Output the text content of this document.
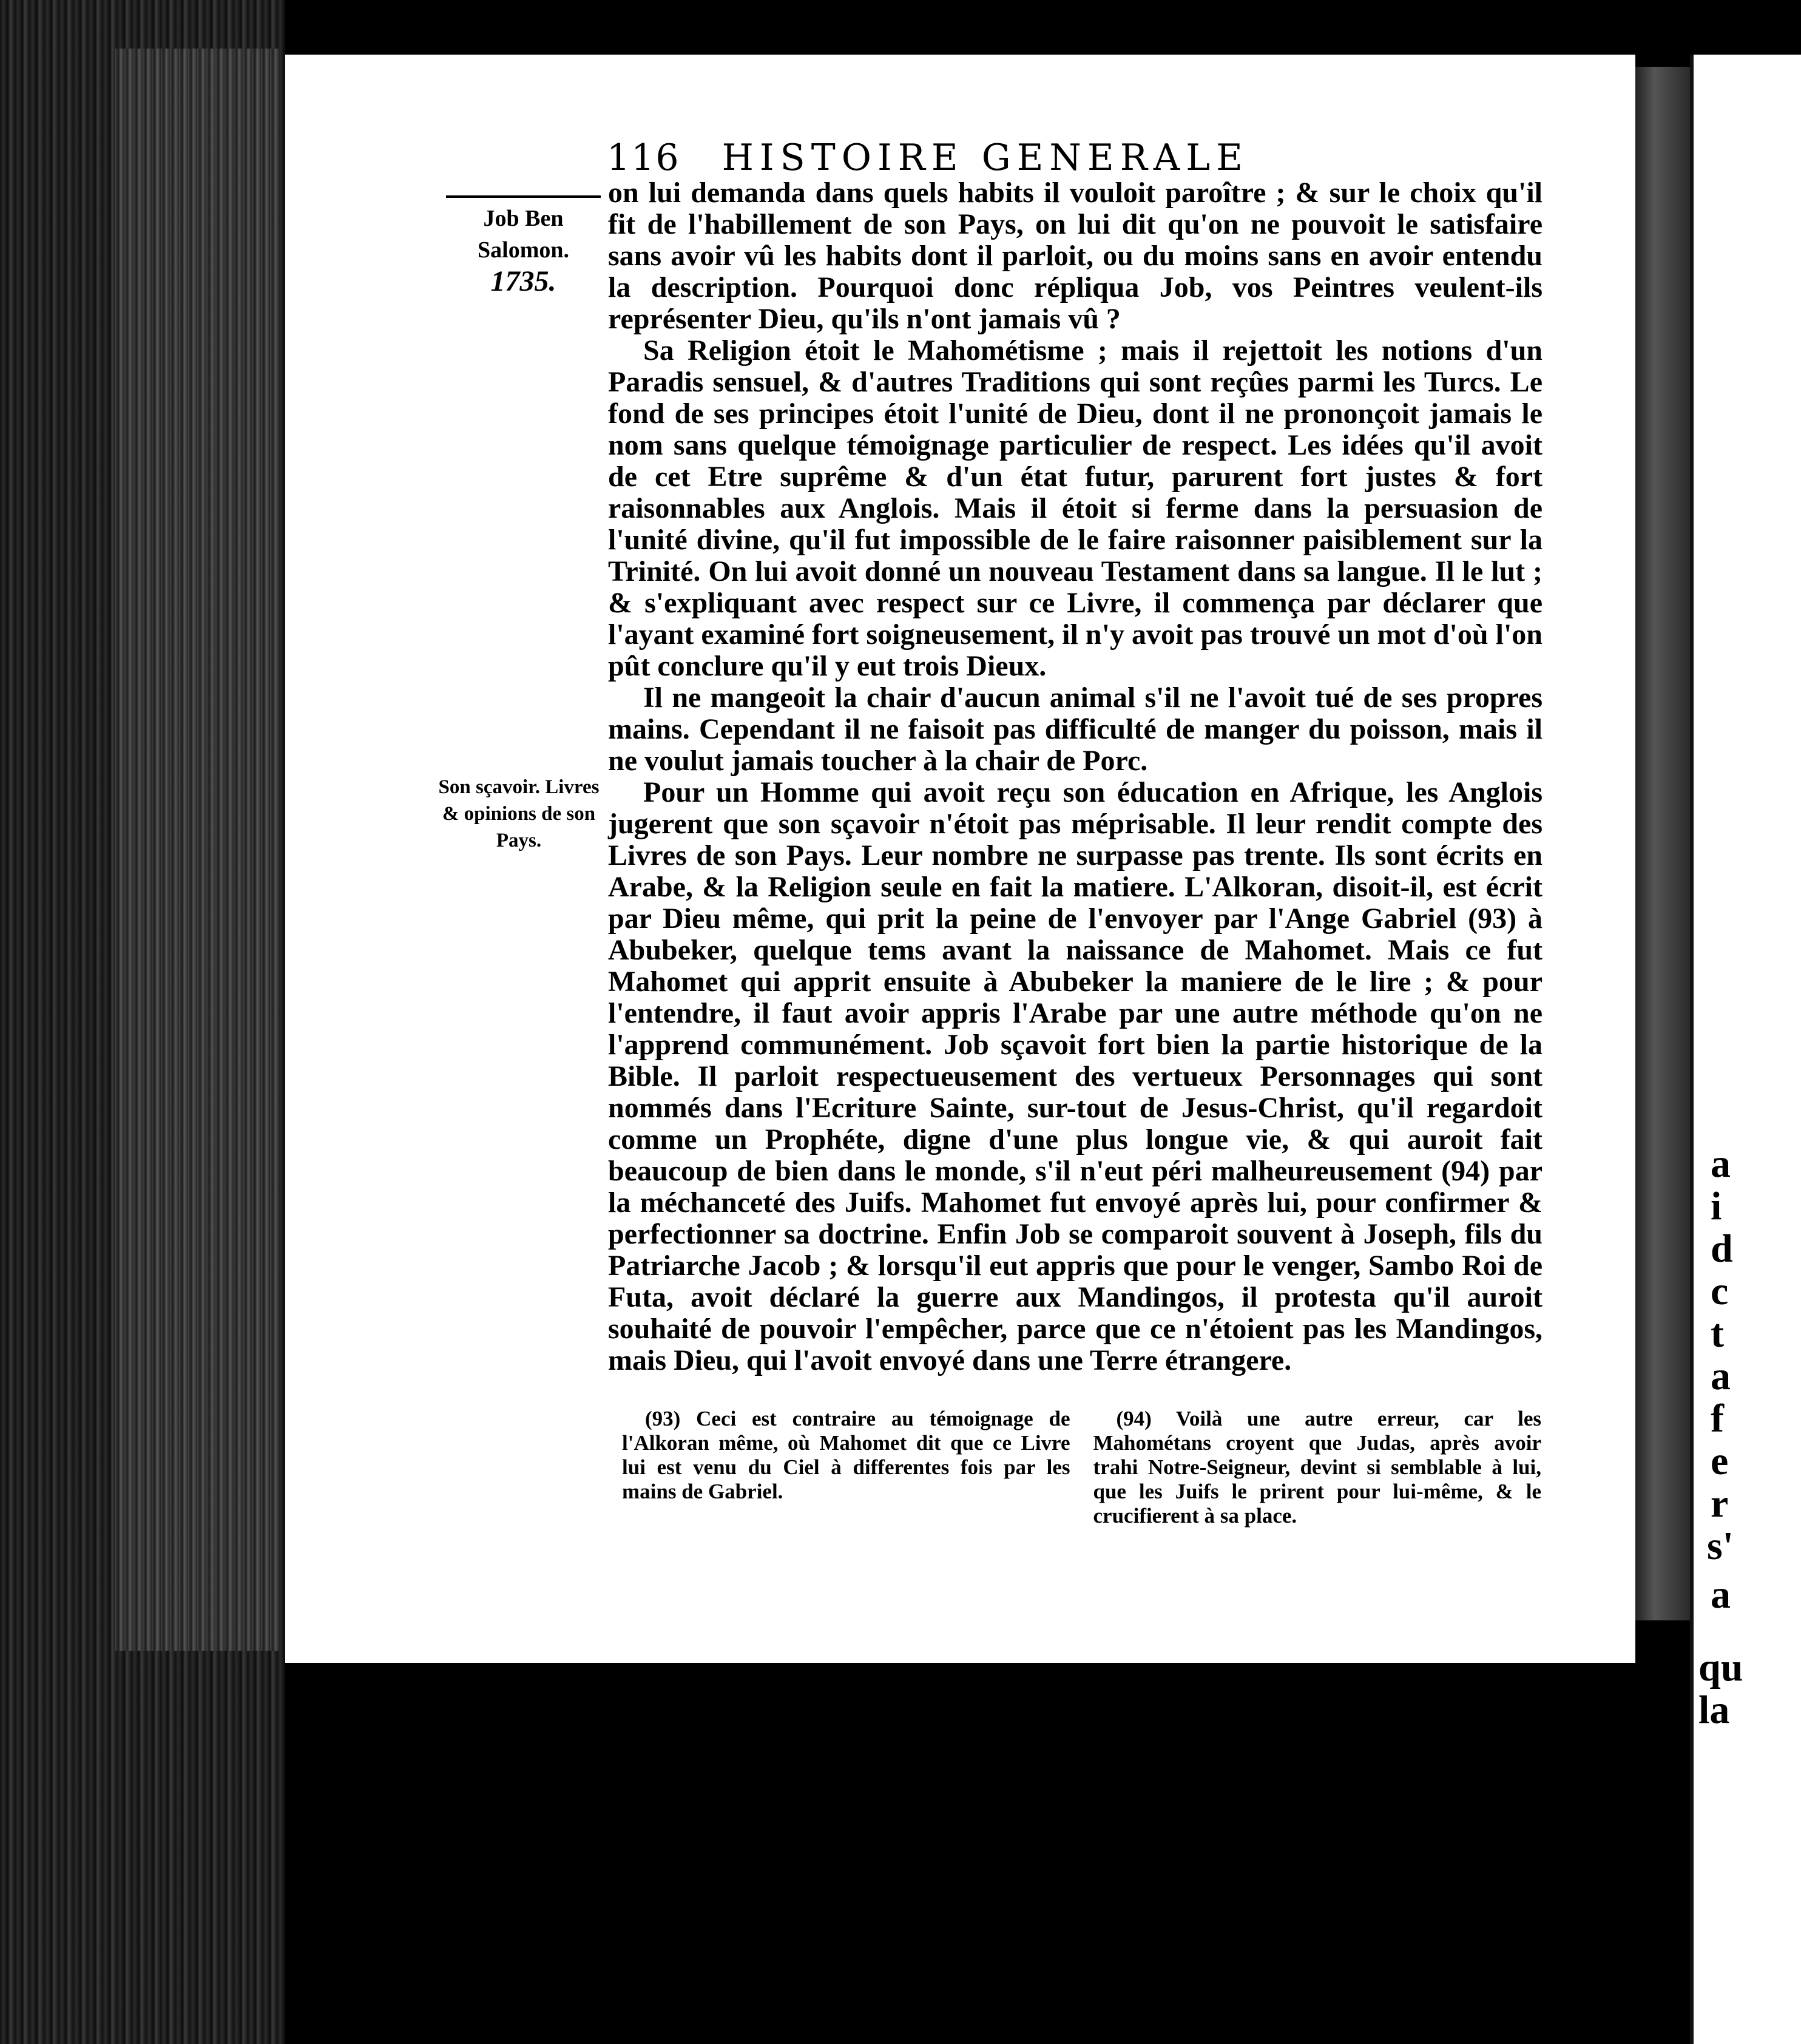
a
i
d
c
t
a
f
e
r
s'
a
qu
la
116 HISTOIRE GENERALE
Job Ben
Salomon.
1735.
Son sçavoir. Livres & opinions de son Pays.

on lui demanda dans quels habits il vouloit paroître ; & sur le choix qu'il fit de l'habillement de son Pays, on lui dit qu'on ne pouvoit le satisfaire sans avoir vû les habits dont il parloit, ou du moins sans en avoir entendu la description. Pourquoi donc répliqua Job, vos Peintres veulent-ils représenter Dieu, qu'ils n'ont jamais vû ?

Sa Religion étoit le Mahométisme ; mais il rejettoit les notions d'un Paradis sensuel, & d'autres Traditions qui sont reçûes parmi les Turcs. Le fond de ses principes étoit l'unité de Dieu, dont il ne prononçoit jamais le nom sans quelque témoignage particulier de respect. Les idées qu'il avoit de cet Etre suprême & d'un état futur, parurent fort justes & fort raisonnables aux Anglois. Mais il étoit si ferme dans la persuasion de l'unité divine, qu'il fut impossible de le faire raisonner paisiblement sur la Trinité. On lui avoit donné un nouveau Testament dans sa langue. Il le lut ; & s'expliquant avec respect sur ce Livre, il commença par déclarer que l'ayant examiné fort soigneusement, il n'y avoit pas trouvé un mot d'où l'on pût conclure qu'il y eut trois Dieux.

Il ne mangeoit la chair d'aucun animal s'il ne l'avoit tué de ses propres mains. Cependant il ne faisoit pas difficulté de manger du poisson, mais il ne voulut jamais toucher à la chair de Porc.

Pour un Homme qui avoit reçu son éducation en Afrique, les Anglois jugerent que son sçavoir n'étoit pas méprisable. Il leur rendit compte des Livres de son Pays. Leur nombre ne surpasse pas trente. Ils sont écrits en Arabe, & la Religion seule en fait la matiere. L'Alkoran, disoit-il, est écrit par Dieu même, qui prit la peine de l'envoyer par l'Ange Gabriel (93) à Abubeker, quelque tems avant la naissance de Mahomet. Mais ce fut Mahomet qui apprit ensuite à Abubeker la maniere de le lire ; & pour l'entendre, il faut avoir appris l'Arabe par une autre méthode qu'on ne l'apprend communément. Job sçavoit fort bien la partie historique de la Bible. Il parloit respectueusement des vertueux Personnages qui sont nommés dans l'Ecriture Sainte, sur-tout de Jesus-Christ, qu'il regardoit comme un Prophéte, digne d'une plus longue vie, & qui auroit fait beaucoup de bien dans le monde, s'il n'eut péri malheureusement (94) par la méchanceté des Juifs. Mahomet fut envoyé après lui, pour confirmer & perfectionner sa doctrine. Enfin Job se comparoit souvent à Joseph, fils du Patriarche Jacob ; & lorsqu'il eut appris que pour le venger, Sambo Roi de Futa, avoit déclaré la guerre aux Mandingos, il protesta qu'il auroit souhaité de pouvoir l'empêcher, parce que ce n'étoient pas les Mandingos, mais Dieu, qui l'avoit envoyé dans une Terre étrangere.

(93) Ceci est contraire au témoignage de l'Alkoran même, où Mahomet dit que ce Livre lui est venu du Ciel à differentes fois par les mains de Gabriel.

(94) Voilà une autre erreur, car les Mahométans croyent que Judas, après avoir trahi Notre-Seigneur, devint si semblable à lui, que les Juifs le prirent pour lui-même, & le crucifierent à sa place.
